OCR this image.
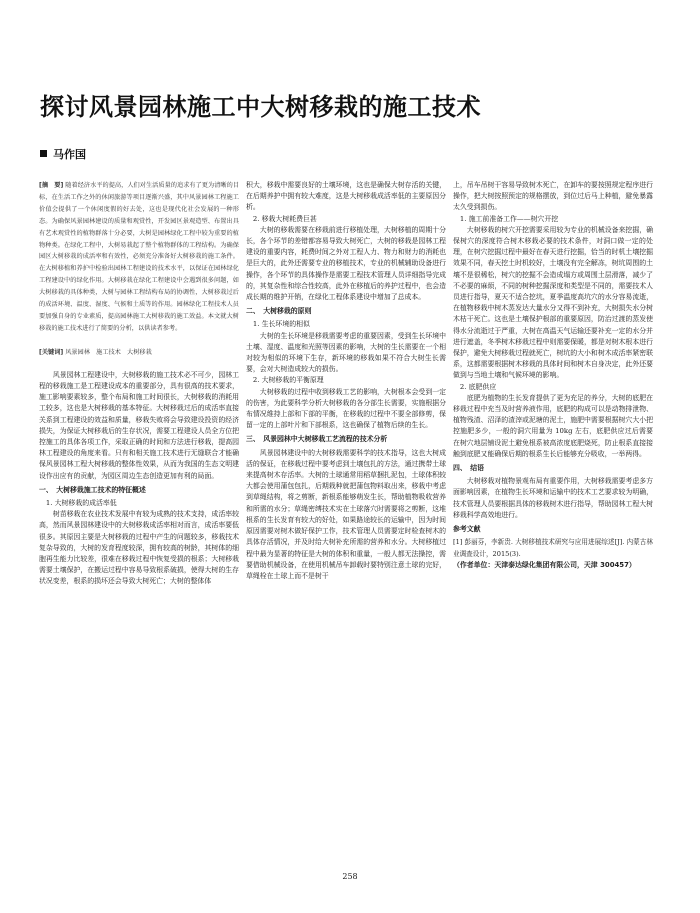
探讨风景园林施工中大树移栽的施工技术
马作国

[摘　要] 随着经济水平的提高，人们对生活质量的追求有了更为清晰的目标，在生活工作之外的休闲旅游等项目逐渐兴盛，其中风景园林工程施工价值会提供了一个休闲度假的好去处，这也是现代化社会发展的一种形态。为确保风景园林建设的质量和观赏性，开发园区景观造型、布置出具有艺术观赏性的植物群落十分必要，大树是园林绿化工程中较为重要的植物种类。在绿化工程中，大树易栽起了整个植物群体的工程结构。为确保园区大树移栽的成活率和有效性，必须充分准备好大树移栽的施工条件。在大树移植和养护中检验出园林工程建设的技术水平，以保证在园林绿化工程建设中的绿化作用。大树移栽在绿化工程建设中会遇到很多问题，如大树移栽的具体种类，大树与园林工程结构布局的协调性，大树移栽过后的成活环境、温度、湿度、气候和土质等的作用。园林绿化工程技术人员要加强自身的专业素质，提高园林施工大树移栽的施工效益。本文就大树移栽的施工技术进行了简要的分析，以供读者参考。

[关键词] 风景园林　施工技术　大树移栽

风景园林工程建设中，大树移栽的施工技术必不可少，园林工程的移栽施工是工程建设成本的重要部分，具有很高的技术要求，施工影响要素较多，整个布局和施工时间很长，大树移栽的消耗用工较多，这也是大树移栽的基本特征。大树移栽过后的成活率直接关系到工程建设的效益和质量，移栽失败将会导致建设投资的经济损失，为保证大树移栽后的生存状况，需要工程建设人员全方位把控施工的具体各项工作，采取正确的时间和方法进行移栽，提高园林工程建设的角度来看。只有和相关施工技术进行无缝联合才能确保风景园林工程大树移栽的整体性效果，从而为我国的生态文明建设作出应有的贡献，为园区周边生态创造更加有利的局面。

一、　大树移栽施工技术的特征概述

1. 大树移栽的成活率低

树苗移栽在农业技术发展中有较为成熟的技术支持，成活率较高，然而风景园林建设中的大树移栽成活率相对而言，成活率要低很多。其原因主要是大树移栽的过程中产生的问题较多，移栽技术复杂导致的，大树的发育程度较深，拥有较高的树龄，其树体的细胞再生能力比较差，很难在移栽过程中恢复受损的根系；大树移栽需要土壤保护，在搬运过程中容易导致根系破损，使得大树的生存状况变差，根系的损坏还会导致大树死亡；大树的整体体

积大，移栽中需要良好的土壤环境，这也是确保大树存活的关键，在后期养护中拥有较大难度，这是大树移栽成活率低的主要原因分析。

2. 移栽大树耗费巨甚

大树的移栽需要在移栽前进行移植处理，大树移植的周期十分长，各个环节的差错都容易导致大树死亡，大树的移栽是园林工程建设的重要内容，耗费时间之外对工程人力、物力和财力的消耗也是巨大的，此外还需要专业的移植技术，专业的机械辅助设备进行操作，各个环节的具体操作是需要工程技术管理人员详细指导完成的，其复杂性和综合性较高，此外在移植后的养护过程中，也会造成长期的维护开销，在绿化工程体系建设中增加了总成本。

二、　大树移栽的原则

1. 生长环境的相似

大树的生长环境是移栽需要考虑的重要因素，受到生长环境中土壤、湿度、温度和光照等因素的影响，大树的生长需要在一个相对较为相似的环境下生存，新环境的移栽如果不符合大树生长需要，会对大树造成较大的损伤。

2. 大树移栽的平衡原理

大树移栽的过程中收到移栽工艺的影响，大树根本会受到一定的伤害，为此要科学分析大树移栽的各分部生长需要，实施根据分布情况维持上部和下部的平衡，在移栽的过程中不要全部修剪，保留一定的上部叶片和下部根系，这也确保了植物后续的生长。

三、　风景园林中大树移栽工艺流程的技术分析

风景园林建设中的大树移栽需要科学的技术指导，这也大树成活的保证，在移栽过程中要考虑到土壤包扎的方法，通过携带土球来提高树木存活率。大树的土球通常用稻草捆扎泥包，土球体积较大都会使用蒲包包扎，后期栽种就把蒲包物料取出来，移栽中考虑到草绳结构，将之剪断，新根系能够萌发生长，帮助植物吸收营养和所需的水分；草绳密缚技术实在土球落穴时需要将之剪断，这堆根系的生长发育有较大的好处，如果路途较长的运输中，因为时间原因需要对树木做好保护工作，技术管理人员需要定时检查树木的具体存活情况，并及时给大树补充所需的营养和水分。大树移植过程中最为显著的特征是大树的体积和重量，一般人都无法操控，需要借助机械设备，在使用机械吊车卸载时要特别注意土球的完好，草绳栓在土球上而不是树干

上，吊车吊树干容易导致树木死亡，在卸车的要按照规定程序进行操作，把大树按照预定的规格摆放，到位过后马上种植，避免暴露太久受到损伤。

1. 施工前准备工作——树穴开挖

大树移栽的树穴开挖需要采用较为专业的机械设备来挖掘，确保树穴的深度符合树木移栽必要的技术条件，对洞口做一定的处理，在树穴挖掘过程中最好在春天进行挖掘，恰当的时机土壤挖掘效果不同，春天挖土时机较好，土壤没有完全解冻，树坑周围的土壤不是很稀松，树穴的挖掘不会造成塌方或周围土层滑落，减少了不必要的麻烦，不同的树种挖掘深度和类型是不同的，需要技术人员进行指导，夏天不适合挖坑，夏季温度高坑穴的水分容易流逝，在植物移栽中树木蒸发达大量水分又得不到补充，大树损失水分树木枯干死亡。这也是土壤保护根部的重要原因，防治过渡的蒸发使得水分流逝过于严重，大树在高温天气运输还要补充一定的水分并进行遮盖，冬季树木移栽过程中则需要保暖，都是对树木根本进行保护，避免大树移栽过程就死亡，树坑的大小和树木成活率紧密联系，这都需要根据树木移栽的具体时间和树木自身决定，此外还要做到与当地土壤和气候环境的影响。

2. 底肥供应

底肥为植物的生长发育提供了更为充足的养分，大树的底肥在移栽过程中充当及时营养液作用，底肥的构成可以是动物排泄物、植物残渣、沼泽的渣滓或泥塘的泥土，施肥中需要根据树穴大小把控施肥多少，一般的洞穴用量为 10kg 左右，底肥供应过后需要在树穴地层铺设泥土避免根系被高浓度底肥烧死，防止根系直接接触到底肥又能确保后期的根系生长后能够充分吸收，一举两得。

四、　结语

大树移栽对植物景观布局有重要作用，大树移栽需要考虑多方面影响因素，在植物生长环境和运输中的技术工艺要求较为明确，技术管理人员要根据具体的移栽树木进行指导，帮助园林工程大树移栽科学高效地进行。

参考文献

[1] 彭丽芬，李新贵. 大树移植技术研究与应用进展综述[J]. 内蒙古林业调查设计，2015(3).

（作者单位：天津泰达绿化集团有限公司，天津 300457）

258
